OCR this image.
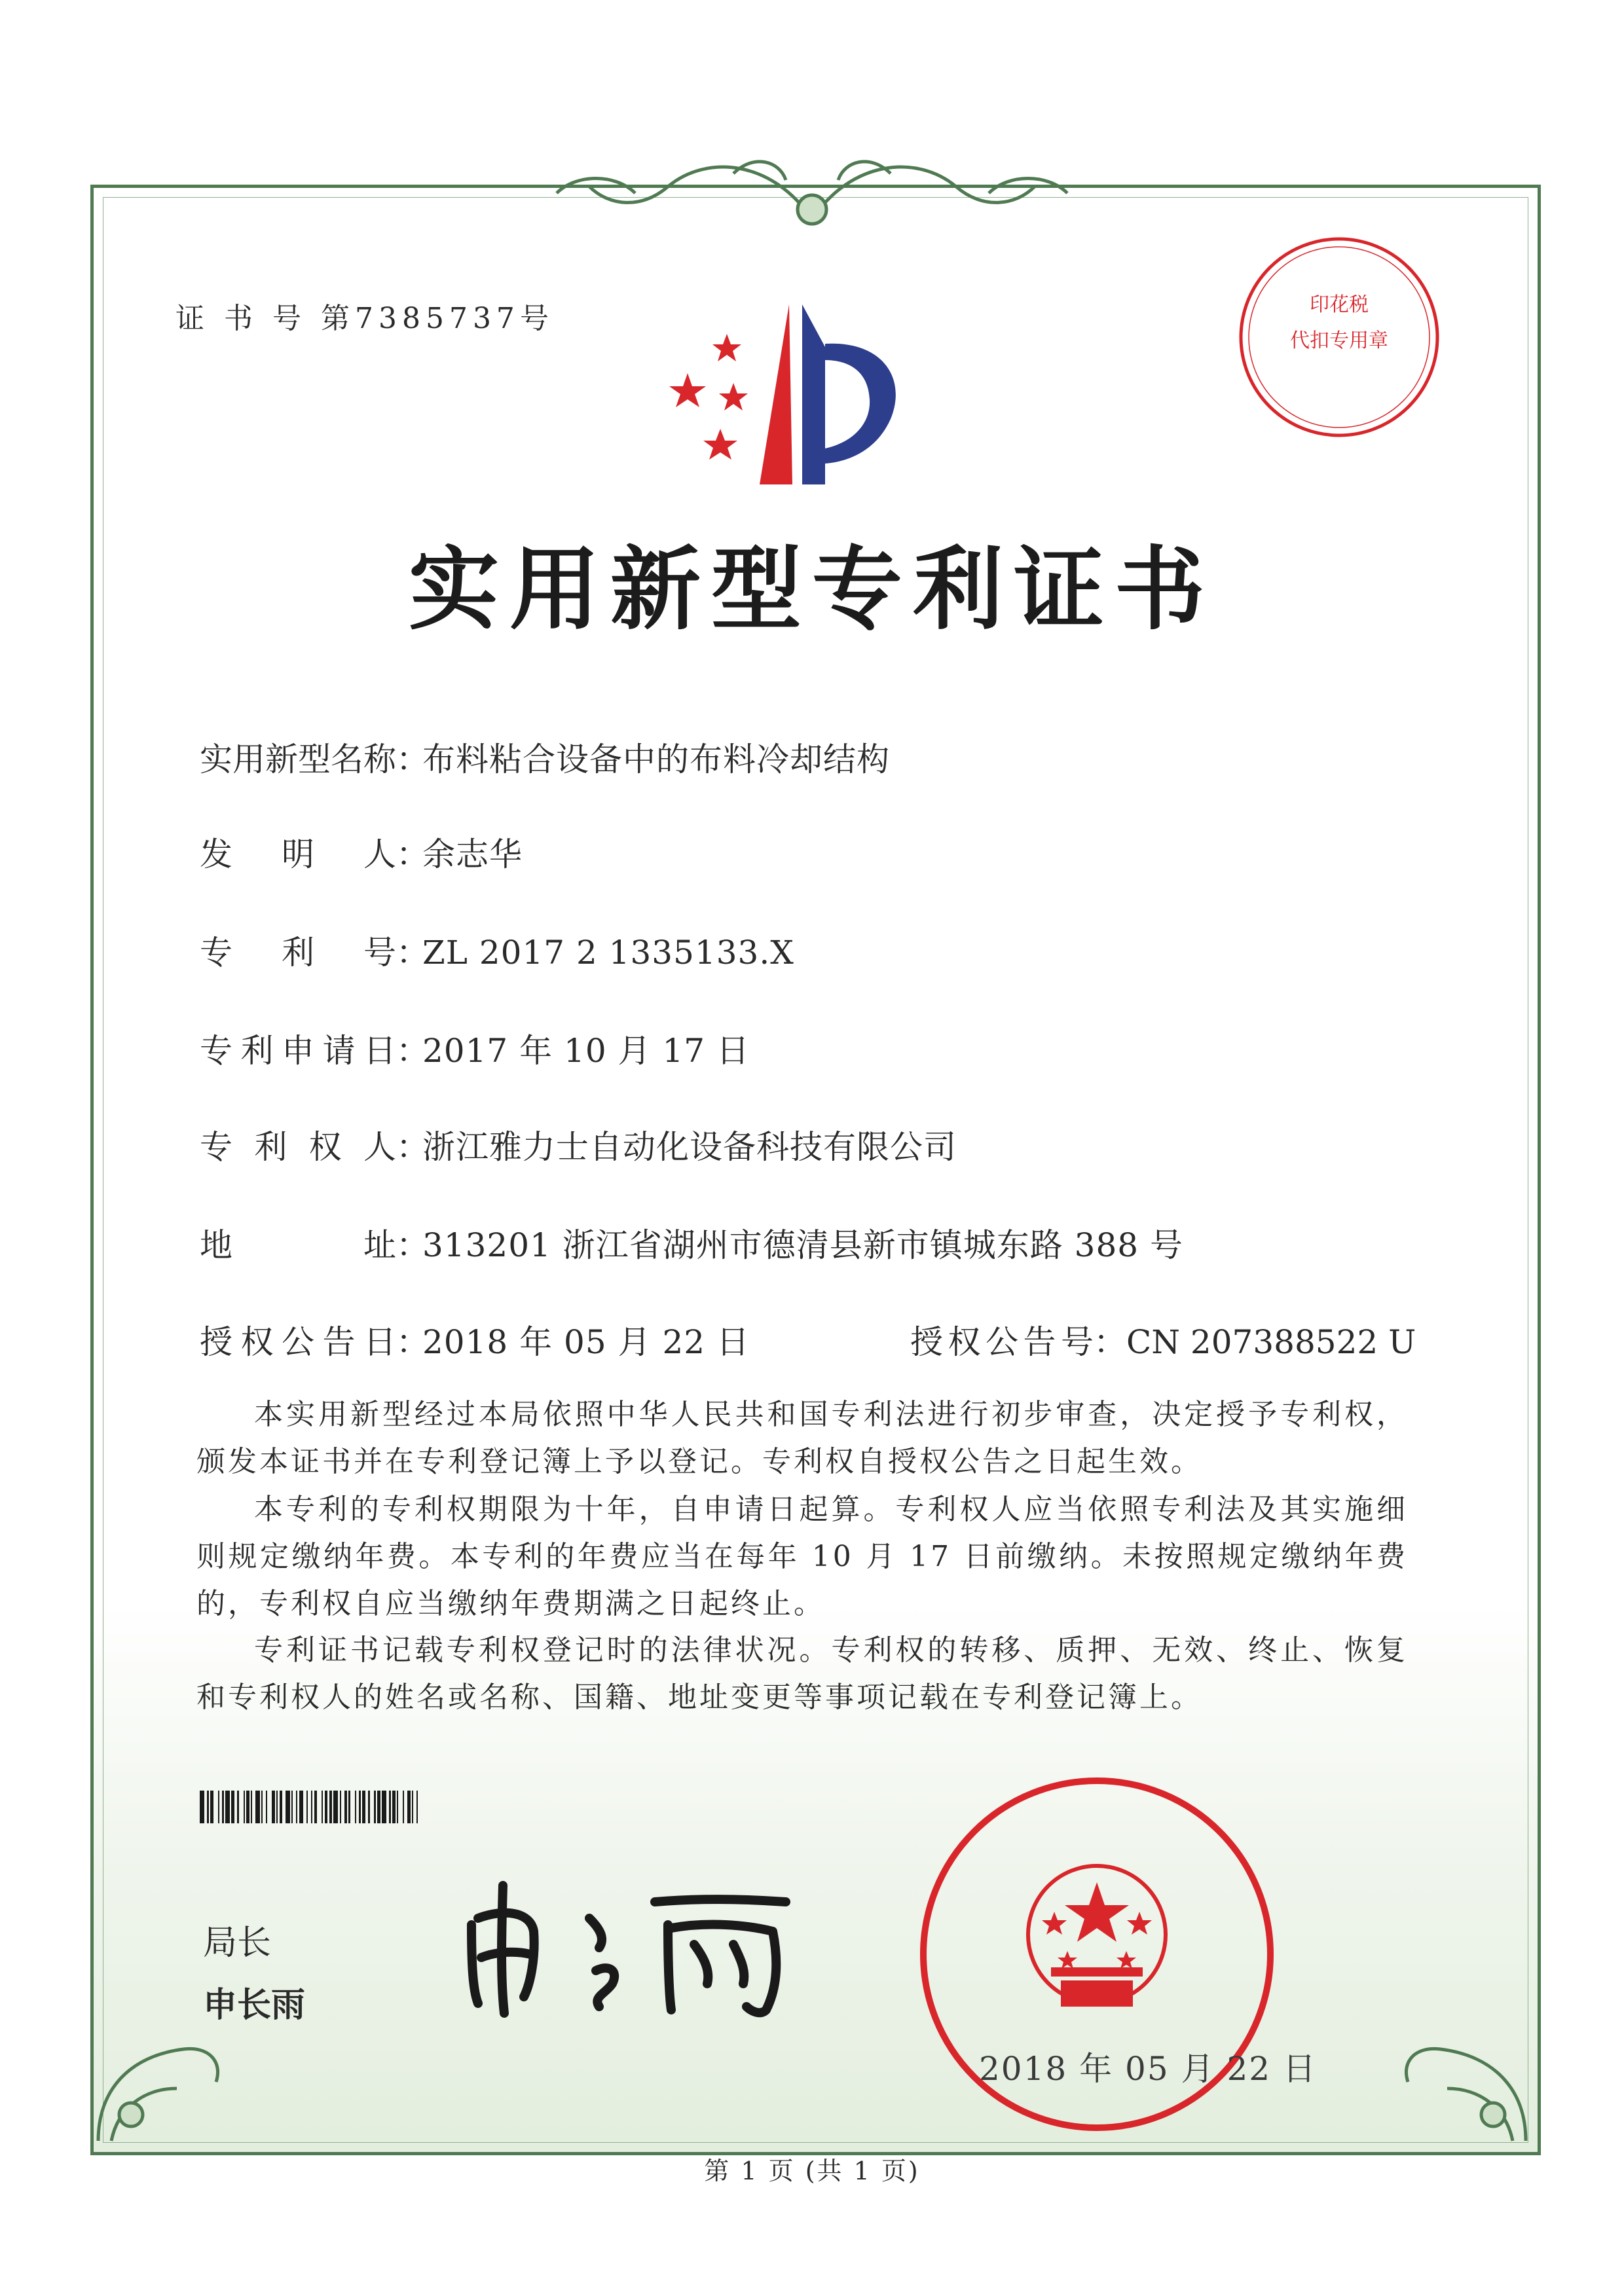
印花税
代扣专用章
证 书 号 第7385737号
实用新型专利证书
实用新型名称：布料粘合设备中的布料冷却结构
发明人：余志华
专利号：ZL 2017 2 1335133.X
专利申请日：2017 年 10 月 17 日
专利权人：浙江雅力士自动化设备科技有限公司
地址：313201 浙江省湖州市德清县新市镇城东路 388 号
授权公告日：2018 年 05 月 22 日	授权公告号：CN 207388522 U
本实用新型经过本局依照中华人民共和国专利法进行初步审查，决定授予专利权，颁发本证书并在专利登记簿上予以登记。专利权自授权公告之日起生效。
本专利的专利权期限为十年，自申请日起算。专利权人应当依照专利法及其实施细则规定缴纳年费。本专利的年费应当在每年 10 月 17 日前缴纳。未按照规定缴纳年费的，专利权自应当缴纳年费期满之日起终止。
专利证书记载专利权登记时的法律状况。专利权的转移、质押、无效、终止、恢复和专利权人的姓名或名称、国籍、地址变更等事项记载在专利登记簿上。
局长
申长雨
2018 年 05 月 22 日
第 1 页 (共 1 页)
